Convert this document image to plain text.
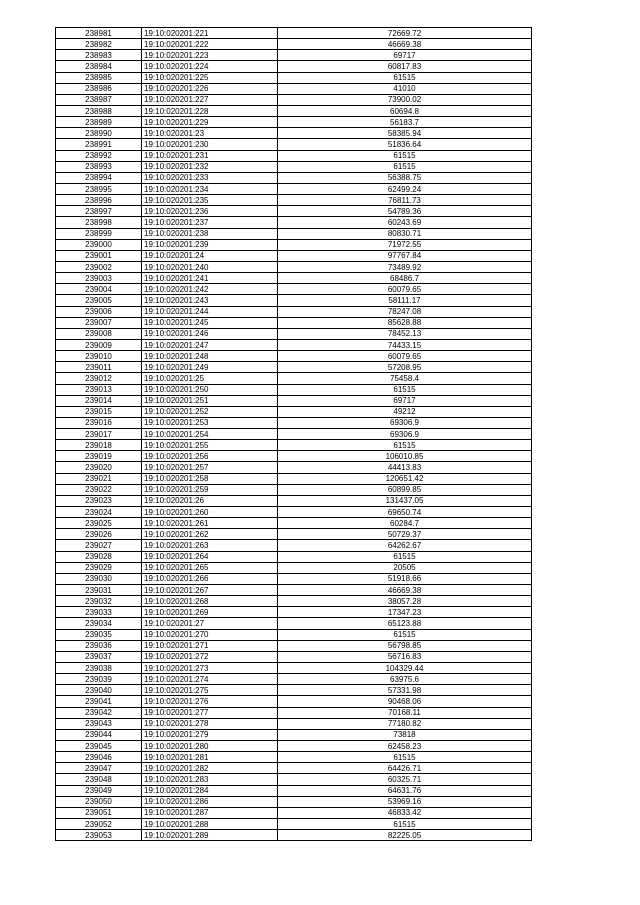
238981	19:10:020201:221	72669.72
238982	19:10:020201:222	46669.38
238983	19:10:020201:223	69717
238984	19:10:020201:224	60817.83
238985	19:10:020201:225	61515
238986	19:10:020201:226	41010
238987	19:10:020201:227	73900.02
238988	19:10:020201:228	60694.8
238989	19:10:020201:229	56183.7
238990	19:10:020201:23	58385.94
238991	19:10:020201:230	51836.64
238992	19:10:020201:231	61515
238993	19:10:020201:232	61515
238994	19:10:020201:233	56388.75
238995	19:10:020201:234	62499.24
238996	19:10:020201:235	76811.73
238997	19:10:020201:236	54789.36
238998	19:10:020201:237	60243.69
238999	19:10:020201:238	80830.71
239000	19:10:020201:239	71972.55
239001	19:10:020201:24	97767.84
239002	19:10:020201:240	73489.92
239003	19:10:020201:241	68486.7
239004	19:10:020201:242	60079.65
239005	19:10:020201:243	58111.17
239006	19:10:020201:244	78247.08
239007	19:10:020201:245	85628.88
239008	19:10:020201:246	78452.13
239009	19:10:020201:247	74433.15
239010	19:10:020201:248	60079.65
239011	19:10:020201:249	57208.95
239012	19:10:020201:25	75458.4
239013	19:10:020201:250	61515
239014	19:10:020201:251	69717
239015	19:10:020201:252	49212
239016	19:10:020201:253	69306.9
239017	19:10:020201:254	69306.9
239018	19:10:020201:255	61515
239019	19:10:020201:256	106010.85
239020	19:10:020201:257	44413.83
239021	19:10:020201:258	120651.42
239022	19:10:020201:259	60899.85
239023	19:10:020201:26	131437.05
239024	19:10:020201:260	69650.74
239025	19:10:020201:261	60284.7
239026	19:10:020201:262	50729.37
239027	19:10:020201:263	64262.67
239028	19:10:020201:264	61515
239029	19:10:020201:265	20505
239030	19:10:020201:266	51918.66
239031	19:10:020201:267	46669.38
239032	19:10:020201:268	38057.28
239033	19:10:020201:269	17347.23
239034	19:10:020201:27	65123.88
239035	19:10:020201:270	61515
239036	19:10:020201:271	56798.85
239037	19:10:020201:272	56716.83
239038	19:10:020201:273	104329.44
239039	19:10:020201:274	63975.6
239040	19:10:020201:275	57331.98
239041	19:10:020201:276	90468.06
239042	19:10:020201:277	70168.11
239043	19:10:020201:278	77180.82
239044	19:10:020201:279	73818
239045	19:10:020201:280	62458.23
239046	19:10:020201:281	61515
239047	19:10:020201:282	64426.71
239048	19:10:020201:283	60325.71
239049	19:10:020201:284	64631.76
239050	19:10:020201:286	53969.16
239051	19:10:020201:287	46833.42
239052	19:10:020201:288	61515
239053	19:10:020201:289	82225.05
